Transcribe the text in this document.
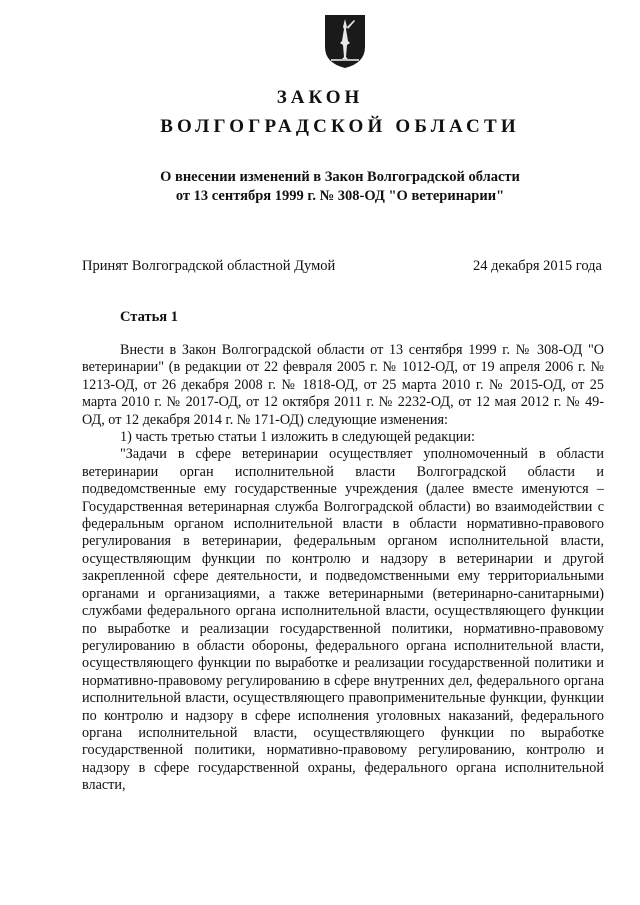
ЗАКОН
ВОЛГОГРАДСКОЙ ОБЛАСТИ
О внесении изменений в Закон Волгоградской области
от 13 сентября 1999 г. № 308-ОД "О ветеринарии"
Принят Волгоградской областной Думой	24 декабря 2015 года
Статья 1

Внести в Закон Волгоградской области от 13 сентября 1999 г. № 308-ОД "О ветеринарии" (в редакции от 22 февраля 2005 г. № 1012-ОД, от 19 апреля 2006 г. № 1213-ОД, от 26 декабря 2008 г. № 1818-ОД, от 25 марта 2010 г. № 2015-ОД, от 25 марта 2010 г. № 2017-ОД, от 12 октября 2011 г. № 2232-ОД, от 12 мая 2012 г. № 49-ОД, от 12 декабря 2014 г. № 171-ОД) следующие изменения:

1) часть третью статьи 1 изложить в следующей редакции:

"Задачи в сфере ветеринарии осуществляет уполномоченный в области ветеринарии орган исполнительной власти Волгоградской области и подведомственные ему государственные учреждения (далее вместе именуются – Государственная ветеринарная служба Волгоградской области) во взаимодействии с федеральным органом исполнительной власти в области нормативно-правового регулирования в ветеринарии, федеральным органом исполнительной власти, осуществляющим функции по контролю и надзору в ветеринарии и другой закрепленной сфере деятельности, и подведомственными ему территориальными органами и организациями, а также ветеринарными (ветеринарно-санитарными) службами федерального органа исполнительной власти, осуществляющего функции по выработке и реализации государственной политики, нормативно-правовому регулированию в области обороны, федерального органа исполнительной власти, осуществляющего функции по выработке и реализации государственной политики и нормативно-правовому регулированию в сфере внутренних дел, федерального органа исполнительной власти, осуществляющего правоприменительные функции, функции по контролю и надзору в сфере исполнения уголовных наказаний, федерального органа исполнительной власти, осуществляющего функции по выработке государственной политики, нормативно-правовому регулированию, контролю и надзору в сфере государственной охраны, федерального органа исполнительной власти,
